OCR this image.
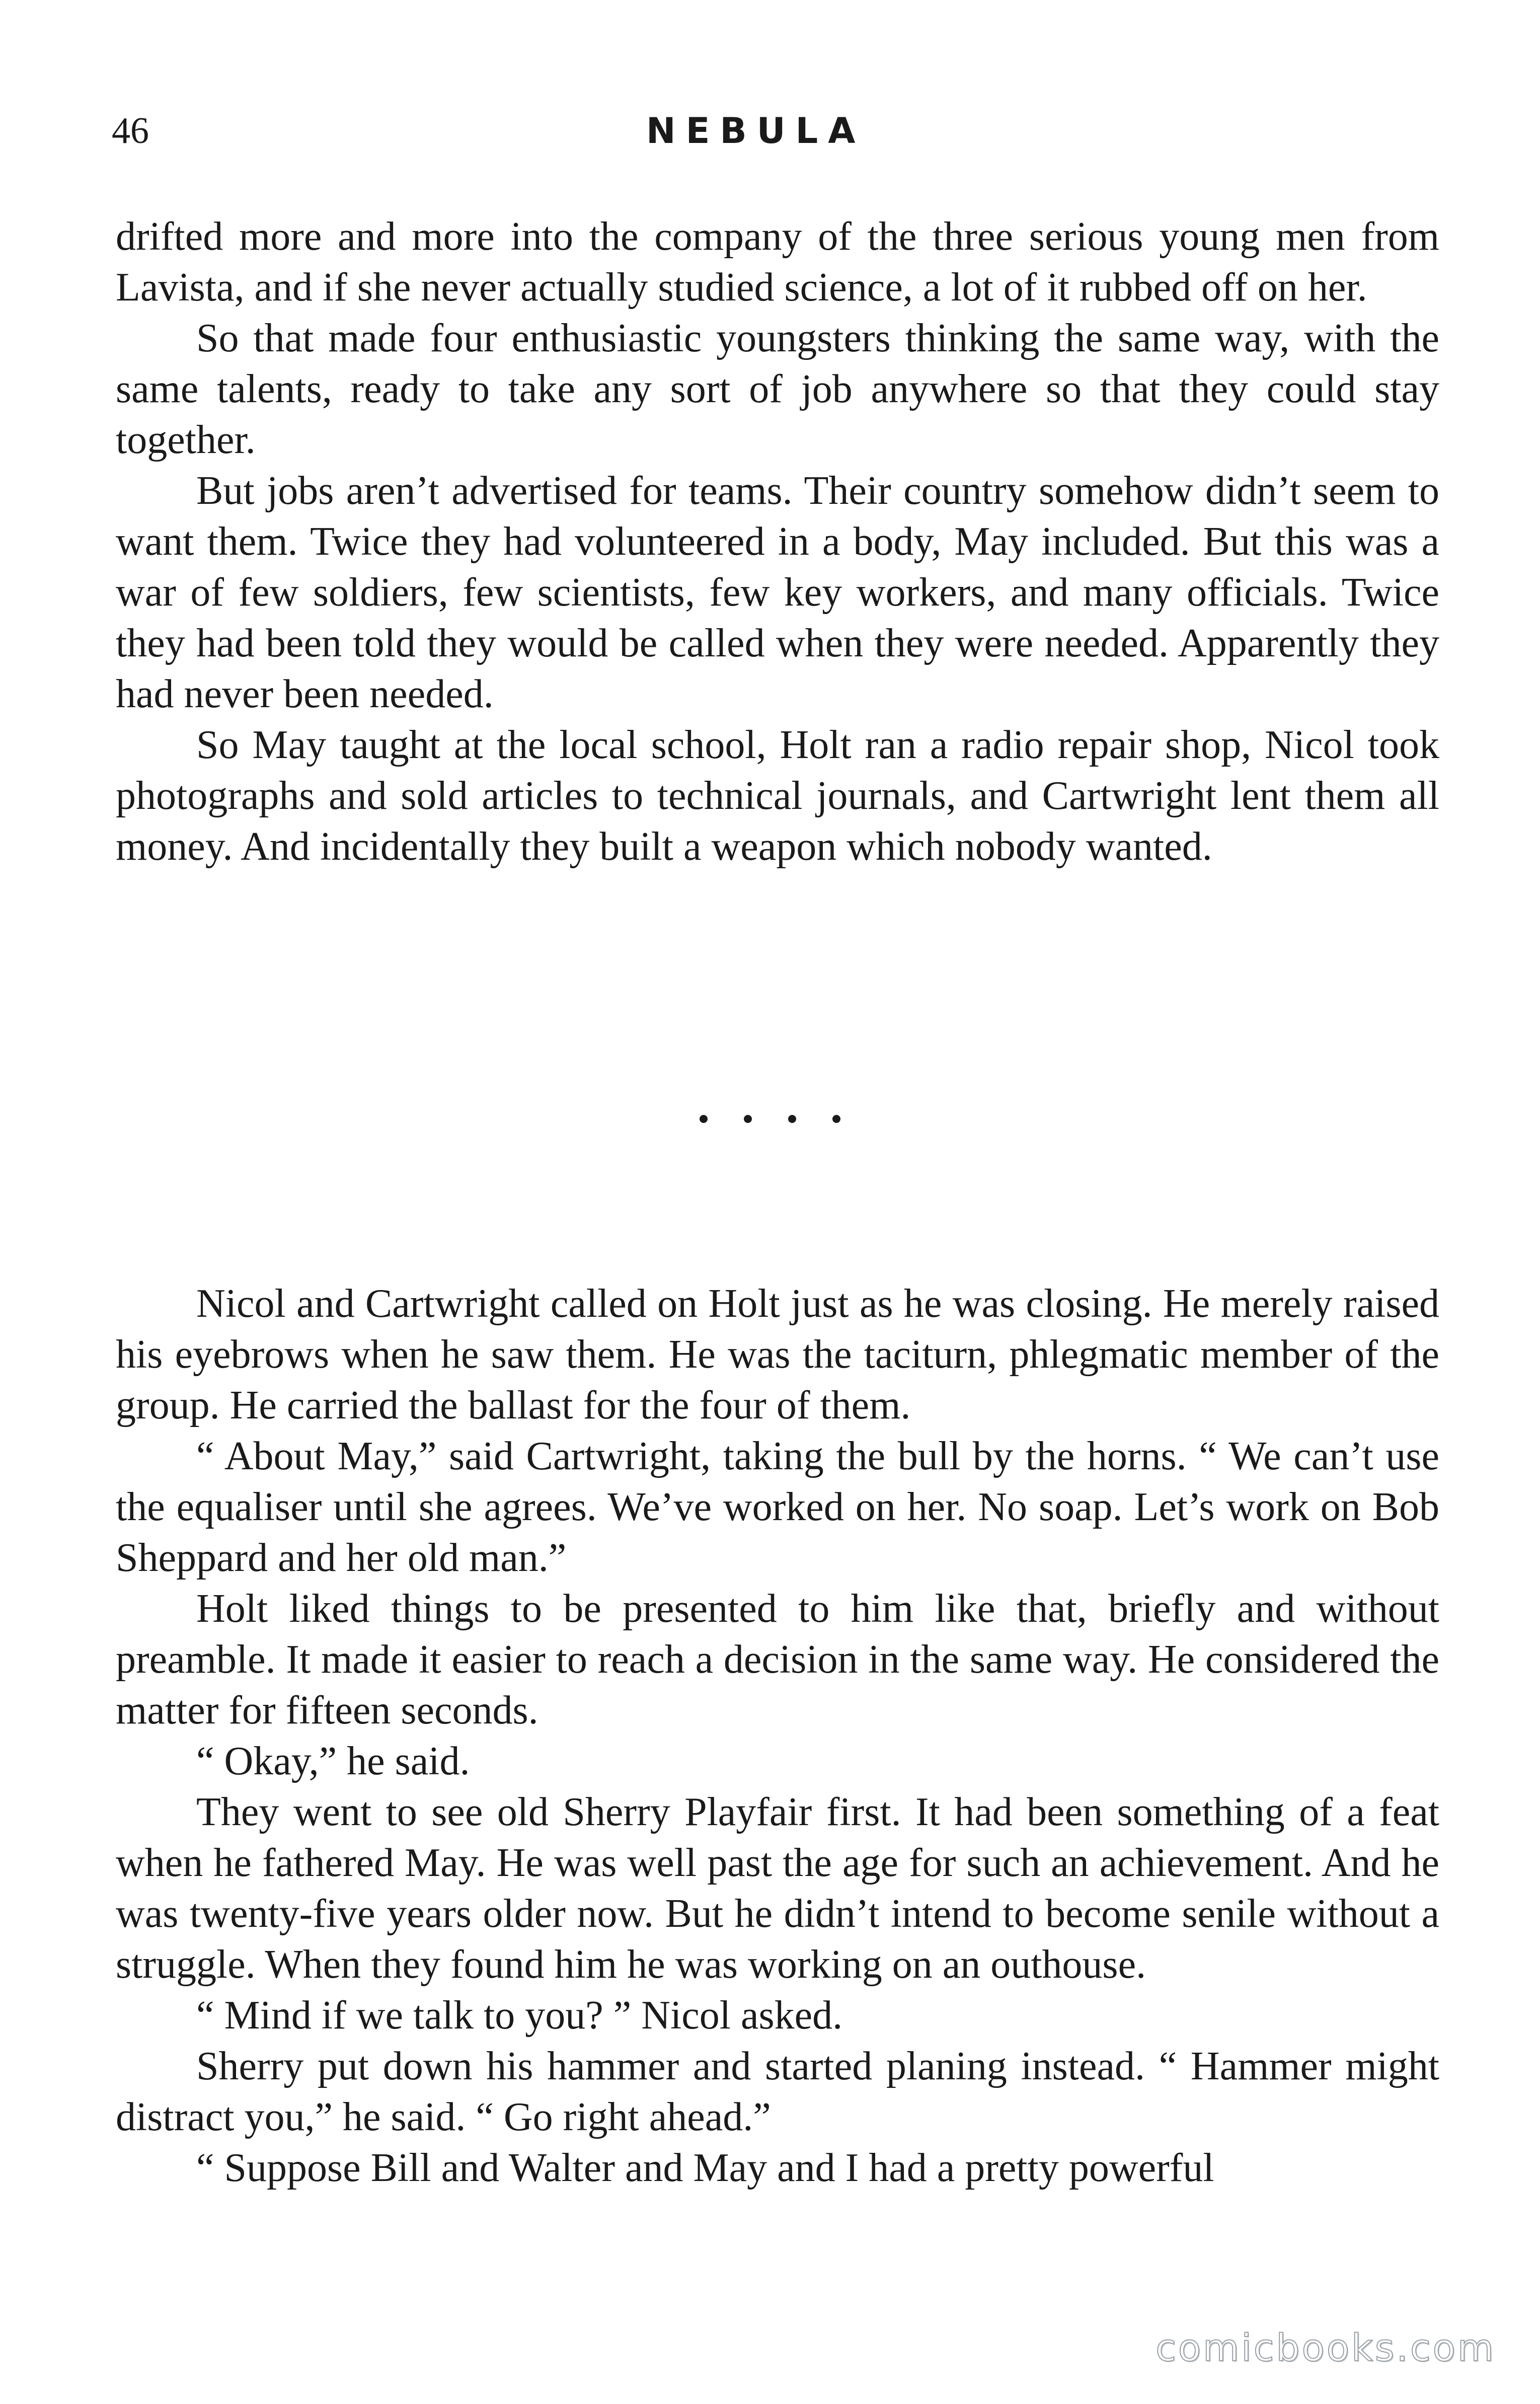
46	NEBULA

drifted more and more into the company of the three serious young men from Lavista, and if she never actually studied science, a lot of it rubbed off on her.

So that made four enthusiastic youngsters thinking the same way, with the same talents, ready to take any sort of job anywhere so that they could stay together.

But jobs aren’t advertised for teams. Their country somehow didn’t seem to want them. Twice they had volunteered in a body, May included. But this was a war of few soldiers, few scientists, few key workers, and many officials. Twice they had been told they would be called when they were needed. Apparently they had never been needed.

So May taught at the local school, Holt ran a radio repair shop, Nicol took photographs and sold articles to technical journals, and Cartwright lent them all money. And incidentally they built a weapon which nobody wanted.

Nicol and Cartwright called on Holt just as he was closing. He merely raised his eyebrows when he saw them. He was the taciturn, phlegmatic member of the group. He carried the ballast for the four of them.

“ About May,” said Cartwright, taking the bull by the horns. “ We can’t use the equaliser until she agrees. We’ve worked on her. No soap. Let’s work on Bob Sheppard and her old man.”

Holt liked things to be presented to him like that, briefly and without preamble. It made it easier to reach a decision in the same way. He considered the matter for fifteen seconds.

“ Okay,” he said.

They went to see old Sherry Playfair first. It had been something of a feat when he fathered May. He was well past the age for such an achievement. And he was twenty-five years older now. But he didn’t intend to become senile without a struggle. When they found him he was working on an outhouse.

“ Mind if we talk to you? ” Nicol asked.

Sherry put down his hammer and started planing instead. “ Hammer might distract you,” he said. “ Go right ahead.”

“ Suppose Bill and Walter and May and I had a pretty powerful

comicbooks.com
